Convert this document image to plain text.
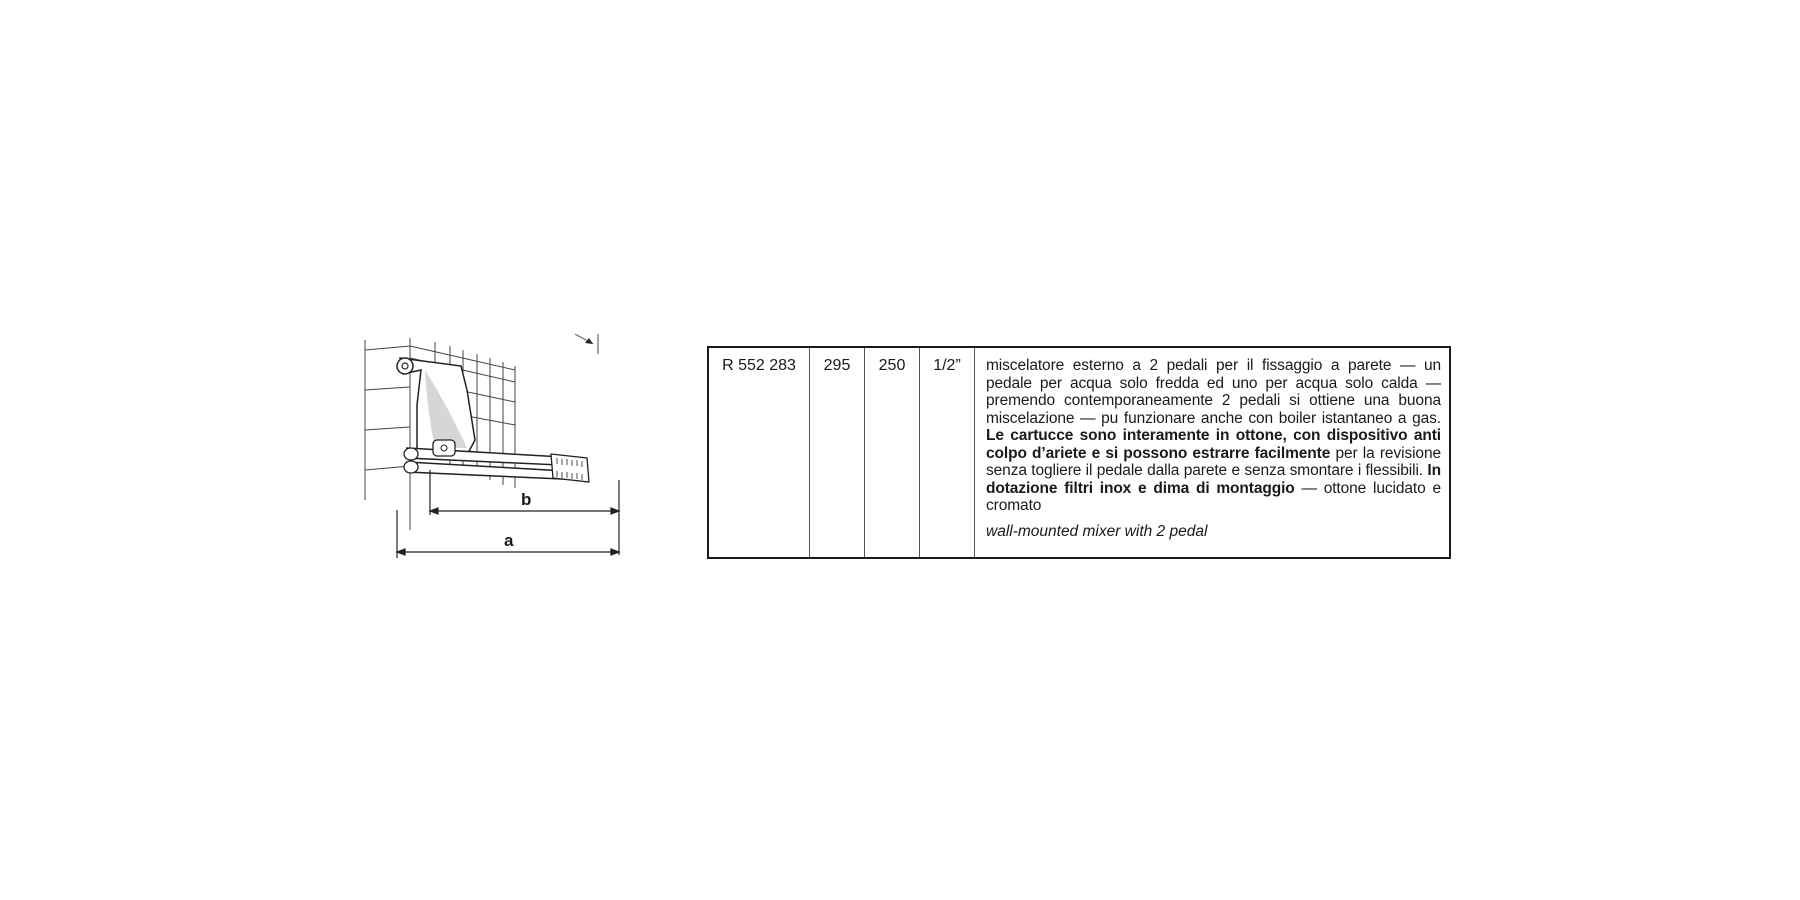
b
a
R 552 283	295	250	1/2”	miscelatore esterno a 2 pedali per il fissaggio a parete — un pedale per acqua solo fredda ed uno per acqua solo calda — premendo contemporaneamente 2 pedali si ottiene una buona miscelazione — pu funzionare anche con boiler istantaneo a gas. Le cartucce sono interamente in ottone, con dispositivo anti colpo d’ariete e si possono estrarre facilmente per la revisione senza togliere il pedale dalla parete e senza smontare i flessibili. In dotazione filtri inox e dima di montaggio — ottone lucidato e cromato
wall-mounted mixer with 2 pedal
